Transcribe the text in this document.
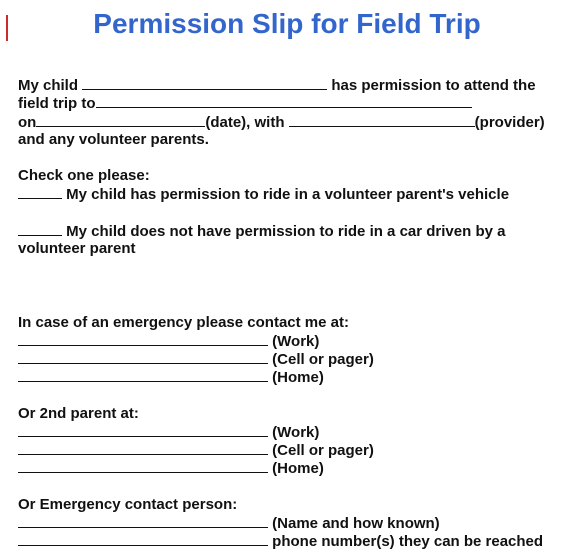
Permission Slip for Field Trip
My child	has permission to attend the
field trip to
on	(date), with	(provider)
and any volunteer parents.
Check one please:
My child has permission to ride in a volunteer parent's vehicle
My child does not have permission to ride in a car driven by a
volunteer parent
In case of an emergency please contact me at:
(Work)
(Cell or pager)
(Home)
Or 2nd parent at:
(Work)
(Cell or pager)
(Home)
Or Emergency contact person:
(Name and how known)
phone number(s) they can be reached
